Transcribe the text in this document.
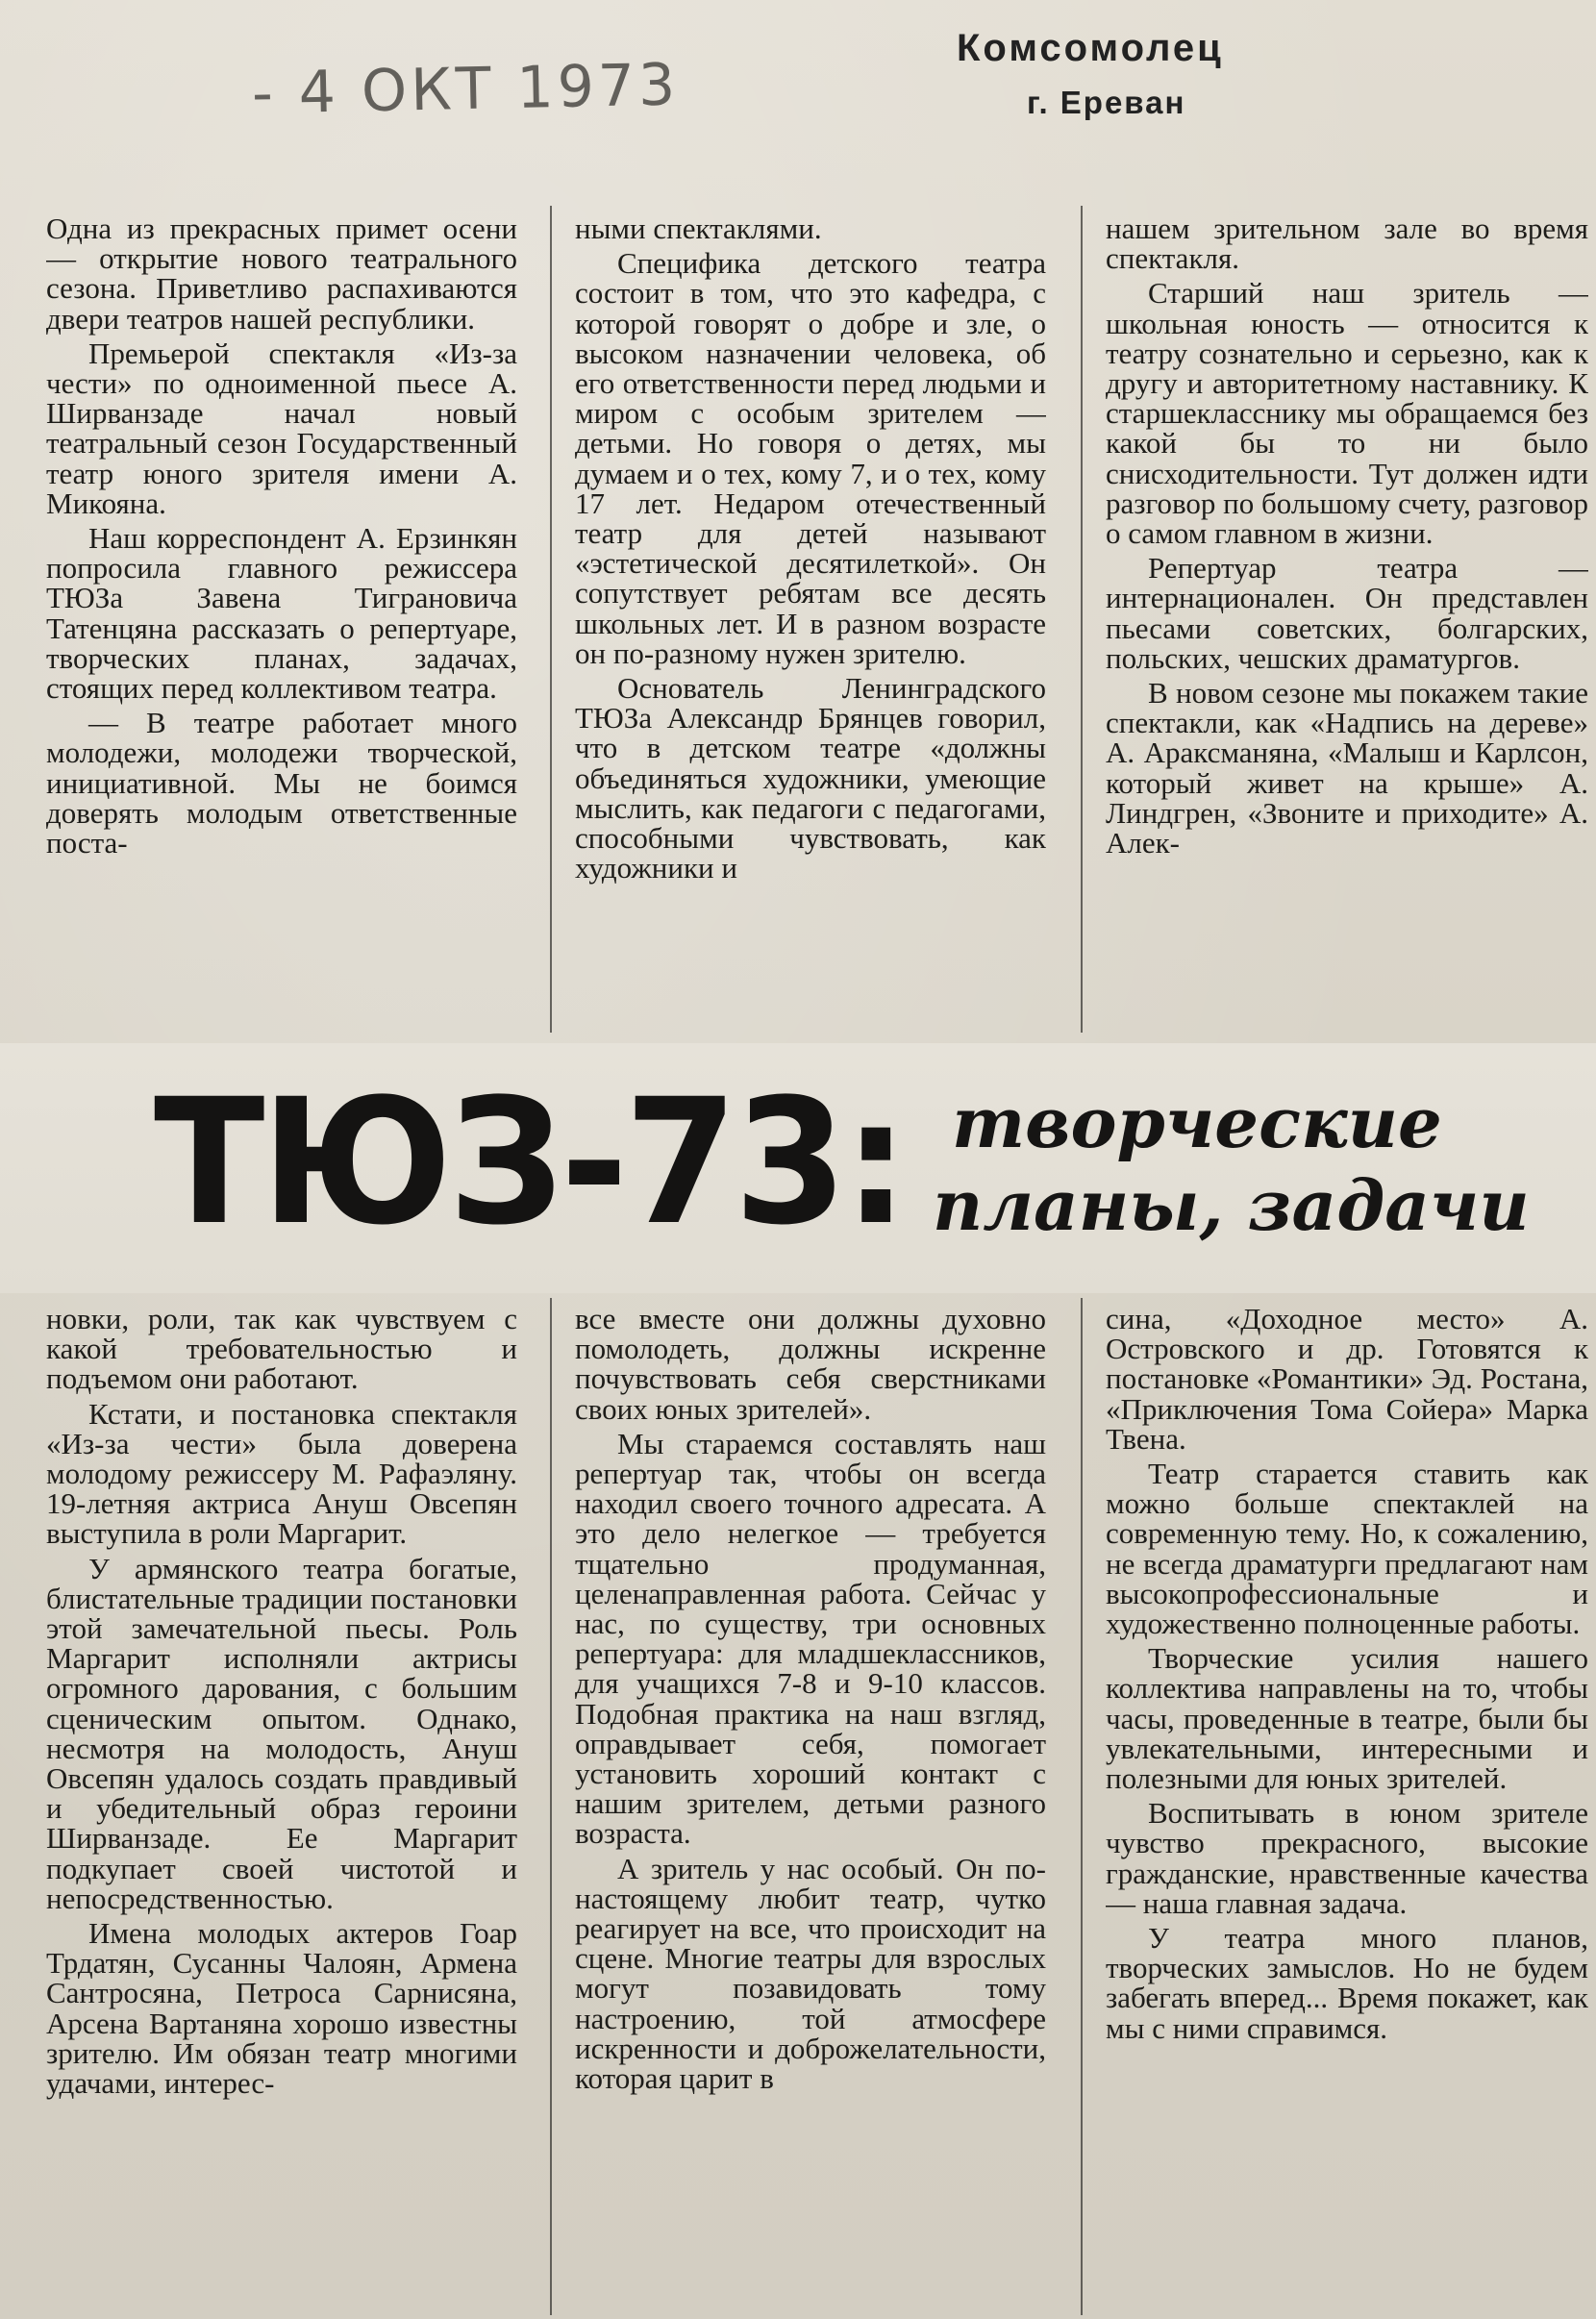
- 4 ОКТ 1973
Комсомолец
г. Ереван

Одна из прекрасных примет осени — открытие нового театрального сезона. Приветливо распахиваются двери театров нашей республики.

Премьерой спектакля «Из-за чести» по одноименной пьесе А. Ширванзаде начал новый театральный сезон Государственный театр юного зрителя имени А. Микояна.

Наш корреспондент А. Ерзинкян попросила главного режиссера ТЮЗа Завена Тиграновича Татенцяна рассказать о репертуаре, творческих планах, задачах, стоящих перед коллективом театра.

— В театре работает много молодежи, молодежи творческой, инициативной. Мы не боимся доверять молодым ответственные поста-

ными спектаклями.

Специфика детского театра состоит в том, что это кафедра, с которой говорят о добре и зле, о высоком назначении человека, об его ответственности перед людьми и миром с особым зрителем — детьми. Но говоря о детях, мы думаем и о тех, кому 7, и о тех, кому 17 лет. Недаром отечественный театр для детей называют «эстетической десятилеткой». Он сопутствует ребятам все десять школьных лет. И в разном возрасте он по-разному нужен зрителю.

Основатель Ленинградского ТЮЗа Александр Брянцев говорил, что в детском театре «должны объединяться художники, умеющие мыслить, как педагоги с педагогами, способными чувствовать, как художники и

нашем зрительном зале во время спектакля.

Старший наш зритель — школьная юность — относится к театру сознательно и серьезно, как к другу и авторитетному наставнику. К старшекласснику мы обращаемся без какой бы то ни было снисходительности. Тут должен идти разговор по большому счету, разговор о самом главном в жизни.

Репертуар театра — интернационален. Он представлен пьесами советских, болгарских, польских, чешских драматургов.

В новом сезоне мы покажем такие спектакли, как «Надпись на дереве» А. Араксманяна, «Малыш и Карлсон, который живет на крыше» А. Линдгрен, «Звоните и приходите» А. Алек-

ТЮЗ-73: творческие

планы, задачи

новки, роли, так как чувствуем с какой требовательностью и подъемом они работают.

Кстати, и постановка спектакля «Из-за чести» была доверена молодому режиссеру М. Рафаэляну. 19-летняя актриса Ануш Овсепян выступила в роли Маргарит.

У армянского театра богатые, блистательные традиции постановки этой замечательной пьесы. Роль Маргарит исполняли актрисы огромного дарования, с большим сценическим опытом. Однако, несмотря на молодость, Ануш Овсепян удалось создать правдивый и убедительный образ героини Ширванзаде. Ее Маргарит подкупает своей чистотой и непосредственностью.

Имена молодых актеров Гоар Трдатян, Сусанны Чалоян, Армена Сантросяна, Петроса Сарнисяна, Арсена Вартаняна хорошо известны зрителю. Им обязан театр многими удачами, интерес-

все вместе они должны духовно помолодеть, должны искренне почувствовать себя сверстниками своих юных зрителей».

Мы стараемся составлять наш репертуар так, чтобы он всегда находил своего точного адресата. А это дело нелегкое — требуется тщательно продуманная, целенаправленная работа. Сейчас у нас, по существу, три основных репертуара: для младшеклассников, для учащихся 7-8 и 9-10 классов. Подобная практика на наш взгляд, оправдывает себя, помогает установить хороший контакт с нашим зрителем, детьми разного возраста.

А зритель у нас особый. Он по-настоящему любит театр, чутко реагирует на все, что происходит на сцене. Многие театры для взрослых могут позавидовать тому настроению, той атмосфере искренности и доброжелательности, которая царит в

сина, «Доходное место» А. Островского и др. Готовятся к постановке «Романтики» Эд. Ростана, «Приключения Тома Сойера» Марка Твена.

Театр старается ставить как можно больше спектаклей на современную тему. Но, к сожалению, не всегда драматурги предлагают нам высокопрофессиональные и художественно полноценные работы.

Творческие усилия нашего коллектива направлены на то, чтобы часы, проведенные в театре, были бы увлекательными, интересными и полезными для юных зрителей.

Воспитывать в юном зрителе чувство прекрасного, высокие гражданские, нравственные качества — наша главная задача.

У театра много планов, творческих замыслов. Но не будем забегать вперед... Время покажет, как мы с ними справимся.
